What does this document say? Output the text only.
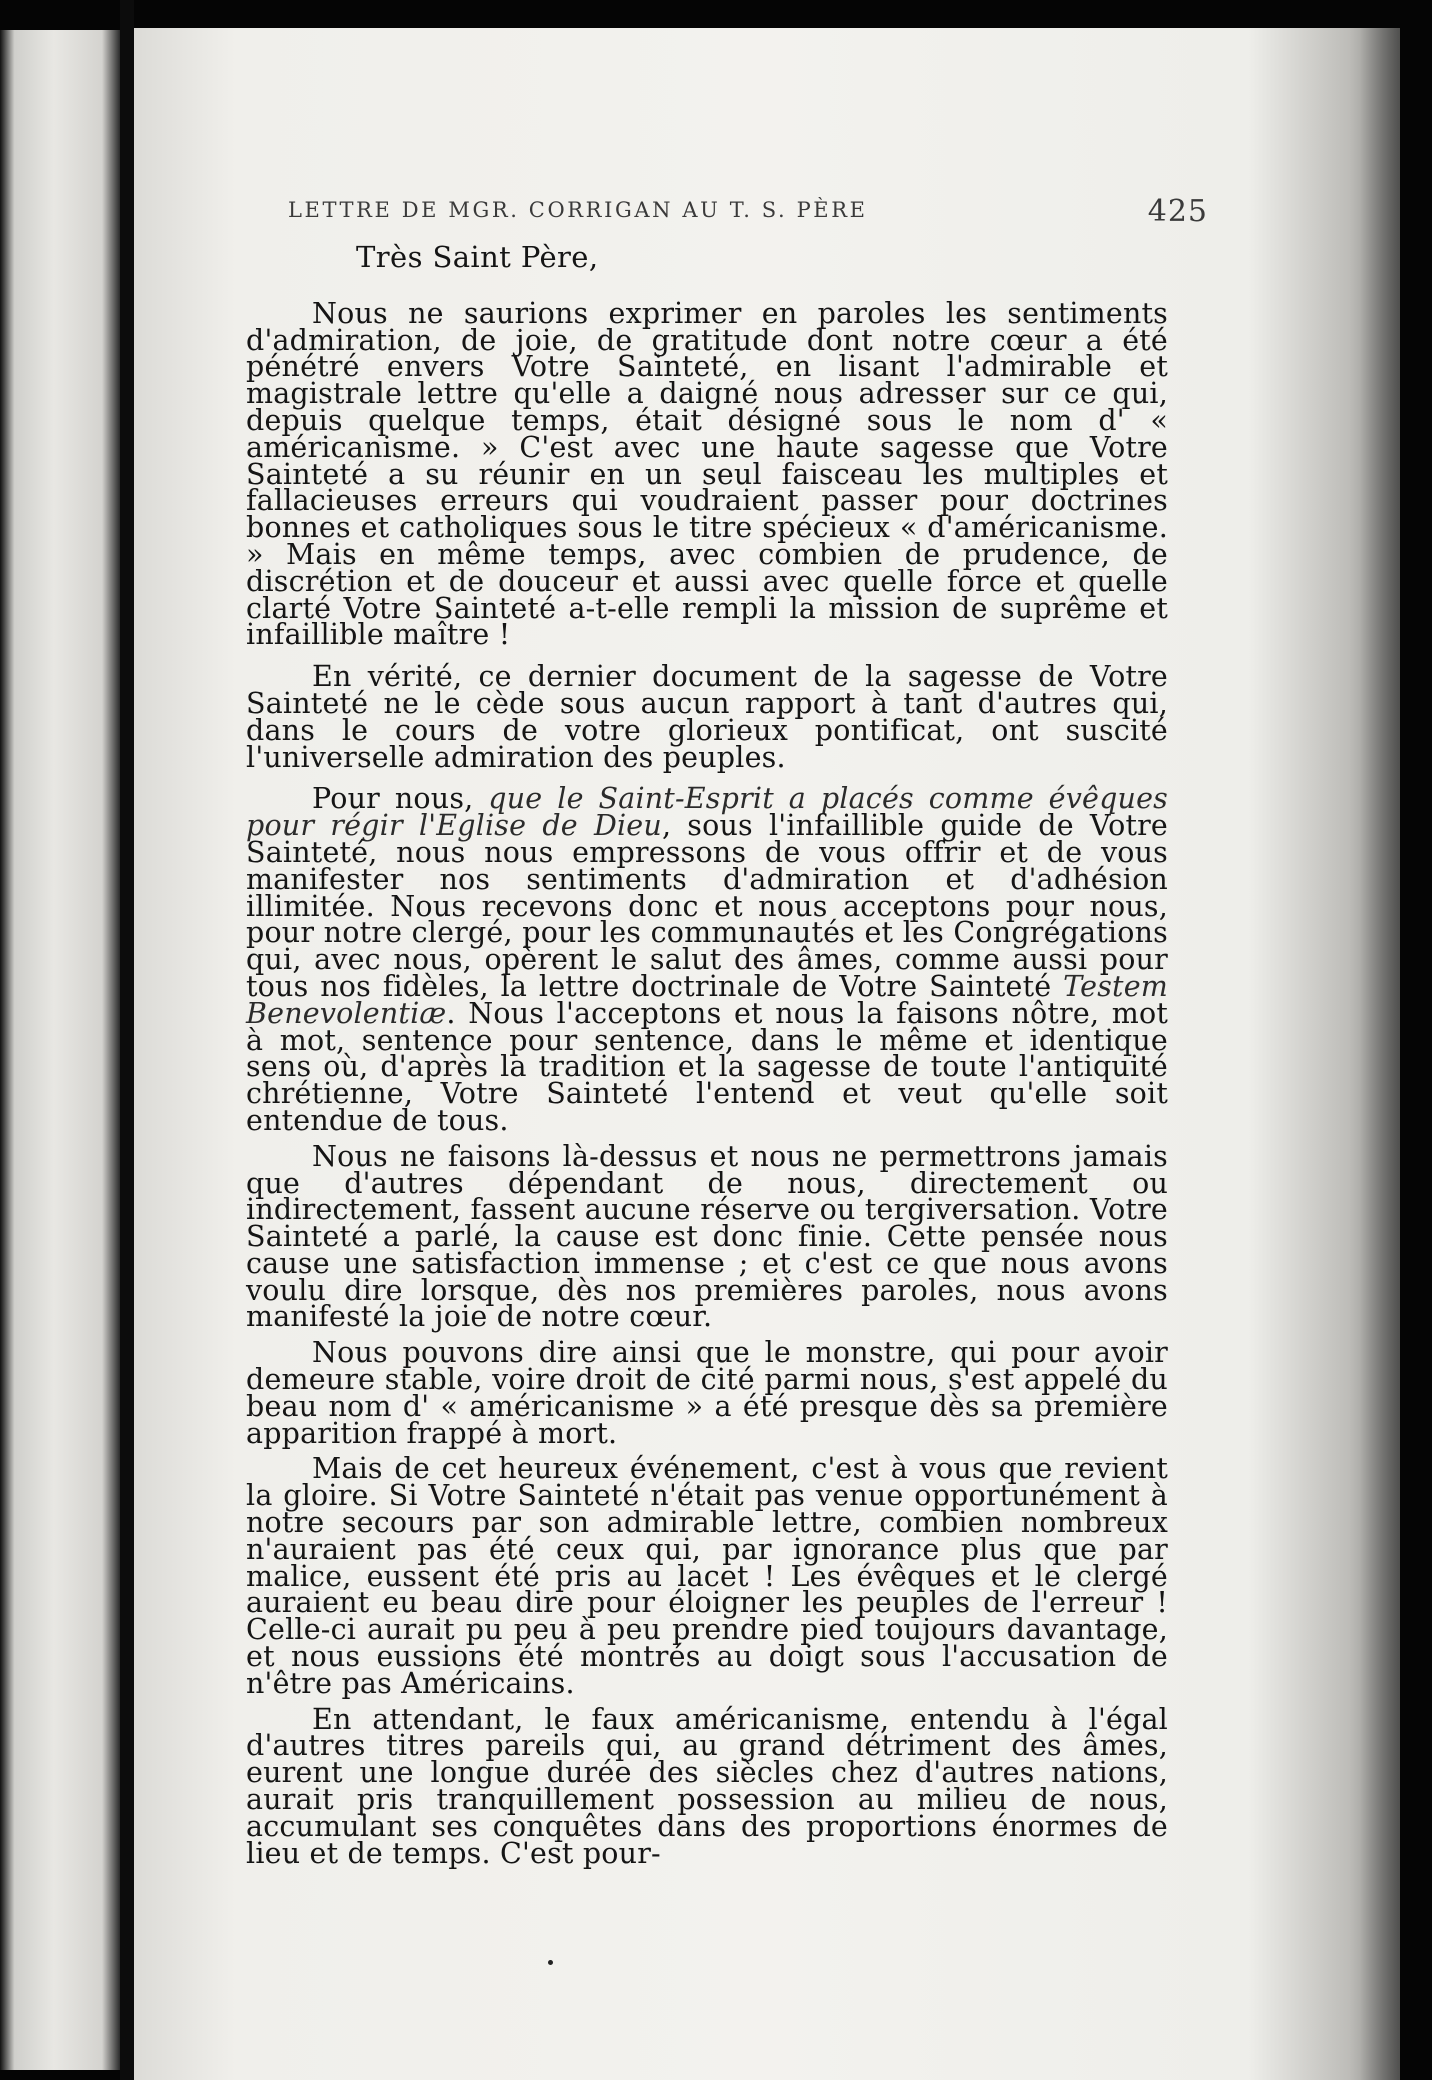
LETTRE DE MGR. CORRIGAN AU T. S. PÈRE	425

Très Saint Père,

Nous ne saurions exprimer en paroles les sentiments d'admiration, de joie, de gratitude dont notre cœur a été pénétré envers Votre Sainteté, en lisant l'admirable et magistrale lettre qu'elle a daigné nous adresser sur ce qui, depuis quelque temps, était désigné sous le nom d' « américanisme. » C'est avec une haute sagesse que Votre Sainteté a su réunir en un seul faisceau les multiples et fallacieuses erreurs qui voudraient passer pour doctrines bonnes et catholiques sous le titre spécieux « d'américanisme. » Mais en même temps, avec combien de prudence, de discrétion et de douceur et aussi avec quelle force et quelle clarté Votre Sainteté a-t-elle rempli la mission de suprême et infaillible maître !

En vérité, ce dernier document de la sagesse de Votre Sainteté ne le cède sous aucun rapport à tant d'autres qui, dans le cours de votre glorieux pontificat, ont suscité l'universelle admiration des peuples.

Pour nous, que le Saint-Esprit a placés comme évêques pour régir l'Eglise de Dieu, sous l'infaillible guide de Votre Sainteté, nous nous empressons de vous offrir et de vous manifester nos sentiments d'admiration et d'adhésion illimitée. Nous recevons donc et nous acceptons pour nous, pour notre clergé, pour les communautés et les Congrégations qui, avec nous, opèrent le salut des âmes, comme aussi pour tous nos fidèles, la lettre doctrinale de Votre Sainteté Testem Benevolentiæ. Nous l'acceptons et nous la faisons nôtre, mot à mot, sentence pour sentence, dans le même et identique sens où, d'après la tradition et la sagesse de toute l'antiquité chrétienne, Votre Sainteté l'entend et veut qu'elle soit entendue de tous.

Nous ne faisons là-dessus et nous ne permettrons jamais que d'autres dépendant de nous, directement ou indirectement, fassent aucune réserve ou tergiversation. Votre Sainteté a parlé, la cause est donc finie. Cette pensée nous cause une satisfaction immense ; et c'est ce que nous avons voulu dire lorsque, dès nos premières paroles, nous avons manifesté la joie de notre cœur.

Nous pouvons dire ainsi que le monstre, qui pour avoir demeure stable, voire droit de cité parmi nous, s'est appelé du beau nom d' « américanisme » a été presque dès sa première apparition frappé à mort.

Mais de cet heureux événement, c'est à vous que revient la gloire. Si Votre Sainteté n'était pas venue opportunément à notre secours par son admirable lettre, combien nombreux n'auraient pas été ceux qui, par ignorance plus que par malice, eussent été pris au lacet ! Les évêques et le clergé auraient eu beau dire pour éloigner les peuples de l'erreur ! Celle-ci aurait pu peu à peu prendre pied toujours davantage, et nous eussions été montrés au doigt sous l'accusation de n'être pas Américains.

En attendant, le faux américanisme, entendu à l'égal d'autres titres pareils qui, au grand détriment des âmes, eurent une longue durée des siècles chez d'autres nations, aurait pris tranquillement possession au milieu de nous, accumulant ses conquêtes dans des proportions énormes de lieu et de temps. C'est pour-
